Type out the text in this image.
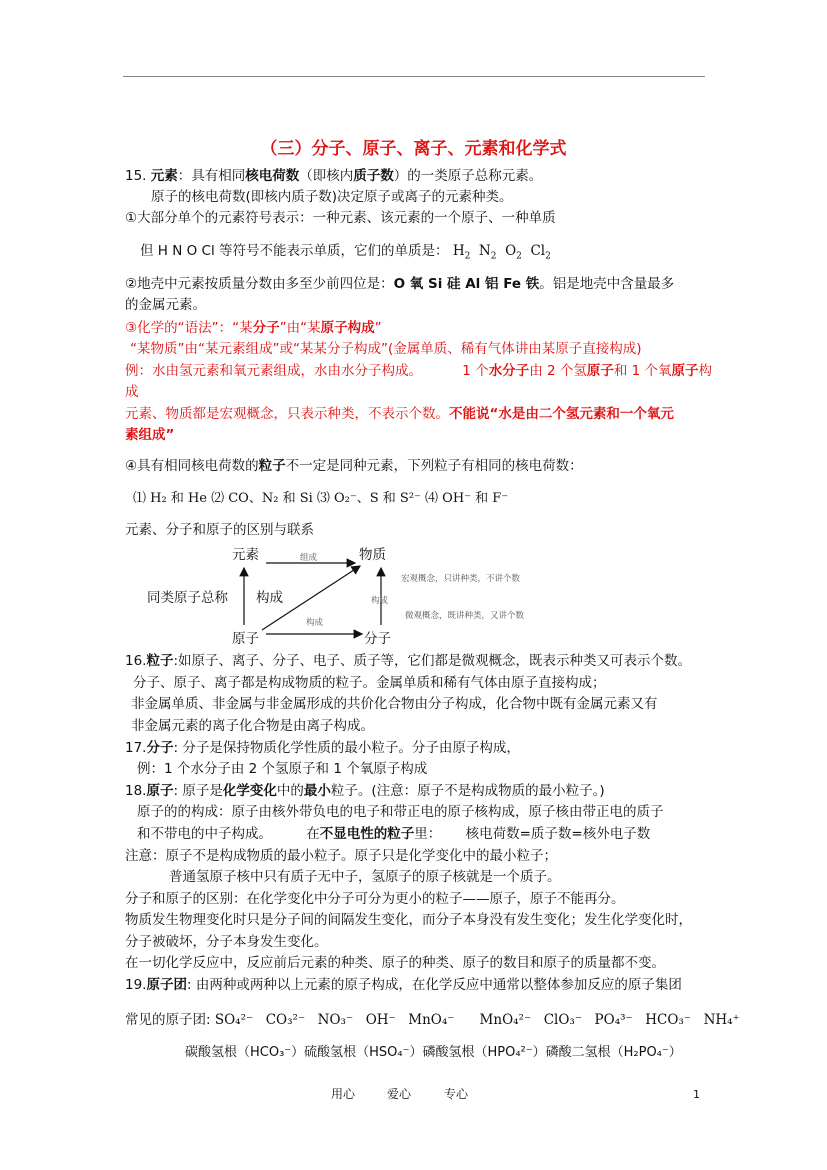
（三）分子、原子、离子、元素和化学式
15. 元素：具有相同核电荷数（即核内质子数）的一类原子总称元素。
原子的核电荷数(即核内质子数)决定原子或离子的元素种类。
①大部分单个的元素符号表示：一种元素、该元素的一个原子、一种单质
但 H N O Cl 等符号不能表示单质，它们的单质是： $H_2$ $N_2$ $O_2$ $Cl_2$
②地壳中元素按质量分数由多至少前四位是：O 氧 Si 硅 Al 铝 Fe 铁。铝是地壳中含量最多
的金属元素。
③化学的“语法”：“某分子”由“某原子构成”
“某物质”由“某元素组成”或“某某分子构成”(金属单质、稀有气体讲由某原子直接构成)
例：水由氢元素和氧元素组成，水由水分子构成。	1 个水分子由 2 个氢原子和 1 个氧原子构
成
元素、物质都是宏观概念，只表示种类，不表示个数。不能说“水是由二个氢元素和一个氧元
素组成”
④具有相同核电荷数的粒子不一定是同种元素，下列粒子有相同的核电荷数：
⑴ H₂ 和 He ⑵ CO、N₂ 和 Si ⑶ O₂⁻、S 和 S²⁻ ⑷ OH⁻ 和 F⁻
元素、分子和原子的区别与联系
元素	物质
原子	分子
同类原子总称 构成
组成
构成
构成
宏观概念，只讲种类，不讲个数
微观概念，既讲种类，又讲个数
16.粒子:如原子、离子、分子、电子、质子等，它们都是微观概念，既表示种类又可表示个数。
分子、原子、离子都是构成物质的粒子。金属单质和稀有气体由原子直接构成；
非金属单质、非金属与非金属形成的共价化合物由分子构成，化合物中既有金属元素又有
非金属元素的离子化合物是由离子构成。
17.分子: 分子是保持物质化学性质的最小粒子。分子由原子构成，
例：1 个水分子由 2 个氢原子和 1 个氧原子构成
18.原子: 原子是化学变化中的最小粒子。(注意：原子不是构成物质的最小粒子。)
原子的的构成：原子由核外带负电的电子和带正电的原子核构成，原子核由带正电的质子
和不带电的中子构成。	在不显电性的粒子里： 核电荷数=质子数=核外电子数
注意：原子不是构成物质的最小粒子。原子只是化学变化中的最小粒子；
普通氢原子核中只有质子无中子，氢原子的原子核就是一个质子。
分子和原子的区别：在化学变化中分子可分为更小的粒子——原子，原子不能再分。
物质发生物理变化时只是分子间的间隔发生变化，而分子本身没有发生变化；发生化学变化时，
分子被破坏，分子本身发生变化。
在一切化学反应中，反应前后元素的种类、原子的种类、原子的数目和原子的质量都不变。
19.原子团: 由两种或两种以上元素的原子构成，在化学反应中通常以整体参加反应的原子集团
常见的原子团: SO₄²⁻ CO₃²⁻ NO₃⁻ OH⁻ MnO₄⁻ MnO₄²⁻ ClO₃⁻ PO₄³⁻ HCO₃⁻ NH₄⁺
碳酸氢根（HCO₃⁻）硫酸氢根（HSO₄⁻）磷酸氢根（HPO₄²⁻）磷酸二氢根（H₂PO₄⁻）
用心	爱心	专心	1
